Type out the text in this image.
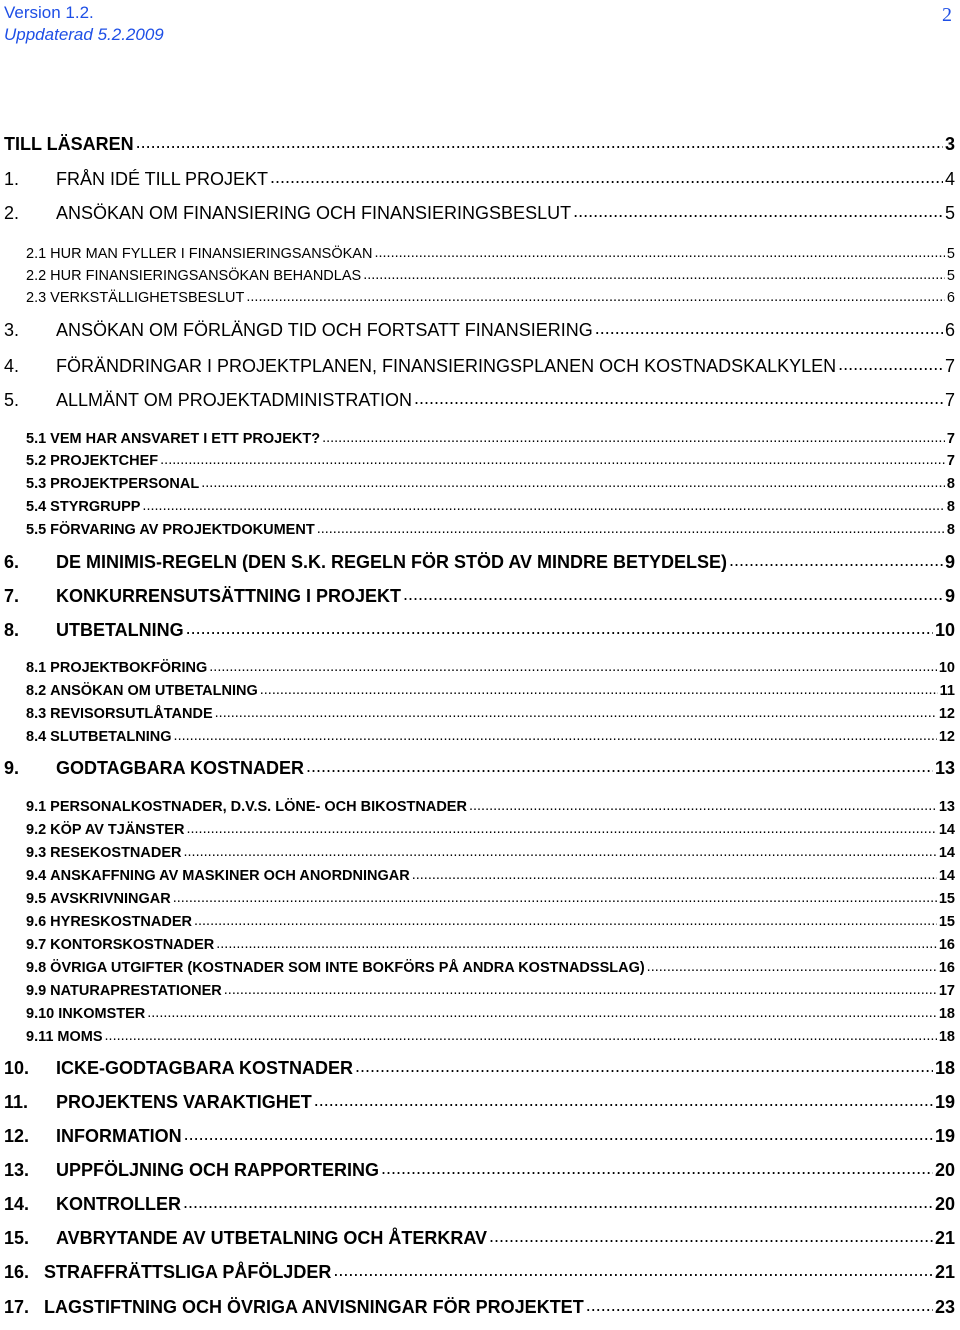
Version 1.2.
Uppdaterad 5.2.2009
2
TILL LÄSAREN .....	3
1.	FRÅN IDÉ TILL PROJEKT .....	4
2.	ANSÖKAN OM FINANSIERING OCH FINANSIERINGSBESLUT .....	5
2.1 HUR MAN FYLLER I FINANSIERINGSANSÖKAN .....	5
2.2 HUR FINANSIERINGSANSÖKAN BEHANDLAS .....	5
2.3 VERKSTÄLLIGHETSBESLUT .....	6
3.	ANSÖKAN OM FÖRLÄNGD TID OCH FORTSATT FINANSIERING .....	6
4.	FÖRÄNDRINGAR I PROJEKTPLANEN, FINANSIERINGSPLANEN OCH KOSTNADSKALKYLEN .....	7
5.	ALLMÄNT OM PROJEKTADMINISTRATION .....	7
5.1 VEM HAR ANSVARET I ETT PROJEKT? .....	7
5.2 PROJEKTCHEF .....	7
5.3 PROJEKTPERSONAL .....	8
5.4 STYRGRUPP .....	8
5.5 FÖRVARING AV PROJEKTDOKUMENT .....	8
6.	DE MINIMIS-REGELN (DEN S.K. REGELN FÖR STÖD AV MINDRE BETYDELSE) .....	9
7.	KONKURRENSUTSÄTTNING I PROJEKT .....	9
8.	UTBETALNING .....	10
8.1 PROJEKTBOKFÖRING .....	10
8.2 ANSÖKAN OM UTBETALNING .....	11
8.3 REVISORSUTLÅTANDE .....	12
8.4 SLUTBETALNING .....	12
9.	GODTAGBARA KOSTNADER .....	13
9.1 PERSONALKOSTNADER, D.V.S. LÖNE- OCH BIKOSTNADER .....	13
9.2 KÖP AV TJÄNSTER .....	14
9.3 RESEKOSTNADER .....	14
9.4 ANSKAFFNING AV MASKINER OCH ANORDNINGAR .....	14
9.5 AVSKRIVNINGAR .....	15
9.6 HYRESKOSTNADER .....	15
9.7 KONTORSKOSTNADER .....	16
9.8 ÖVRIGA UTGIFTER (KOSTNADER SOM INTE BOKFÖRS PÅ ANDRA KOSTNADSSLAG) .....	16
9.9 NATURAPRESTATIONER .....	17
9.10 INKOMSTER .....	18
9.11 MOMS .....	18
10.	ICKE-GODTAGBARA KOSTNADER .....	18
11.	PROJEKTENS VARAKTIGHET .....	19
12.	INFORMATION .....	19
13.	UPPFÖLJNING OCH RAPPORTERING .....	20
14.	KONTROLLER .....	20
15.	AVBRYTANDE AV UTBETALNING OCH ÅTERKRAV .....	21
16. STRAFFRÄTTSLIGA PÅFÖLJDER .....	21
17. LAGSTIFTNING OCH ÖVRIGA ANVISNINGAR FÖR PROJEKTET .....	23
